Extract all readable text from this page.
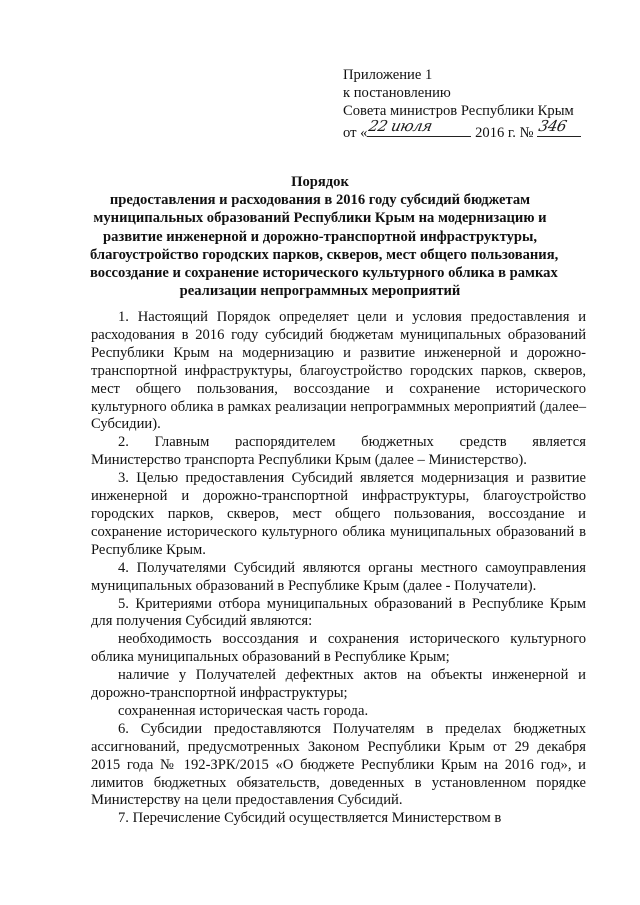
Приложение 1
к постановлению
Совета министров Республики Крым
от « 22 июля	2016 г. № 346
Порядок
предоставления и расходования в 2016 году субсидий бюджетам
муниципальных образований Республики Крым на модернизацию и
развитие инженерной и дорожно-транспортной инфраструктуры,
благоустройство городских парков, скверов, мест общего пользования,
воссоздание и сохранение исторического культурного облика в рамках
реализации непрограммных мероприятий

1. Настоящий Порядок определяет цели и условия предоставления и расходования в 2016 году субсидий бюджетам муниципальных образований Республики Крым на модернизацию и развитие инженерной и дорожно-транспортной инфраструктуры, благоустройство городских парков, скверов, мест общего пользования, воссоздание и сохранение исторического культурного облика в рамках реализации непрограммных мероприятий (далее–Субсидии).

2. Главным распорядителем бюджетных средств является

Министерство транспорта Республики Крым (далее – Министерство).

3. Целью предоставления Субсидий является модернизация и развитие инженерной и дорожно-транспортной инфраструктуры, благоустройство городских парков, скверов, мест общего пользования, воссоздание и сохранение исторического культурного облика муниципальных образований в Республике Крым.

4. Получателями Субсидий являются органы местного самоуправления муниципальных образований в Республике Крым (далее - Получатели).

5. Критериями отбора муниципальных образований в Республике Крым для получения Субсидий являются:

необходимость воссоздания и сохранения исторического культурного облика муниципальных образований в Республике Крым;

наличие у Получателей дефектных актов на объекты инженерной и дорожно-транспортной инфраструктуры;

сохраненная историческая часть города.

6. Субсидии предоставляются Получателям в пределах бюджетных ассигнований, предусмотренных Законом Республики Крым от 29 декабря 2015 года № 192-ЗРК/2015 «О бюджете Республики Крым на 2016 год», и лимитов бюджетных обязательств, доведенных в установленном порядке Министерству на цели предоставления Субсидий.

7. Перечисление Субсидий осуществляется Министерством в
